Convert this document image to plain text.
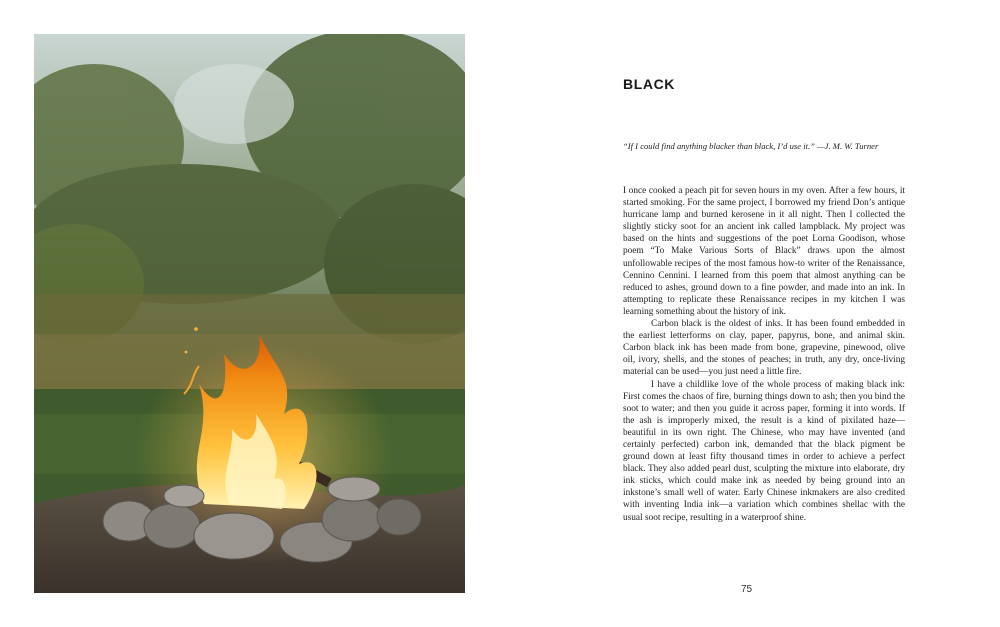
BLACK
“If I could find anything blacker than black, I’d use it.” —J. M. W. Turner

I once cooked a peach pit for seven hours in my oven. After a few hours, it started smoking. For the same project, I borrowed my friend Don’s antique hurricane lamp and burned kerosene in it all night. Then I collected the slightly sticky soot for an ancient ink called lampblack. My project was based on the hints and suggestions of the poet Lorna Goodison, whose poem “To Make Various Sorts of Black” draws upon the almost unfollowable recipes of the most famous how-to writer of the Renaissance, Cennino Cennini. I learned from this poem that almost anything can be reduced to ashes, ground down to a fine powder, and made into an ink. In attempting to replicate these Renaissance recipes in my kitchen I was learning something about the history of ink.

Carbon black is the oldest of inks. It has been found embedded in the earliest letterforms on clay, paper, papyrus, bone, and animal skin. Carbon black ink has been made from bone, grapevine, pinewood, olive oil, ivory, shells, and the stones of peaches; in truth, any dry, once-living material can be used—you just need a little fire.

I have a childlike love of the whole process of making black ink: First comes the chaos of fire, burning things down to ash; then you bind the soot to water; and then you guide it across paper, forming it into words. If the ash is improperly mixed, the result is a kind of pixilated haze—beautiful in its own right. The Chinese, who may have invented (and certainly perfected) carbon ink, demanded that the black pigment be ground down at least fifty thousand times in order to achieve a perfect black. They also added pearl dust, sculpting the mixture into elaborate, dry ink sticks, which could make ink as needed by being ground into an inkstone’s small well of water. Early Chinese inkmakers are also credited with inventing India ink—a variation which combines shellac with the usual soot recipe, resulting in a waterproof shine.

75
